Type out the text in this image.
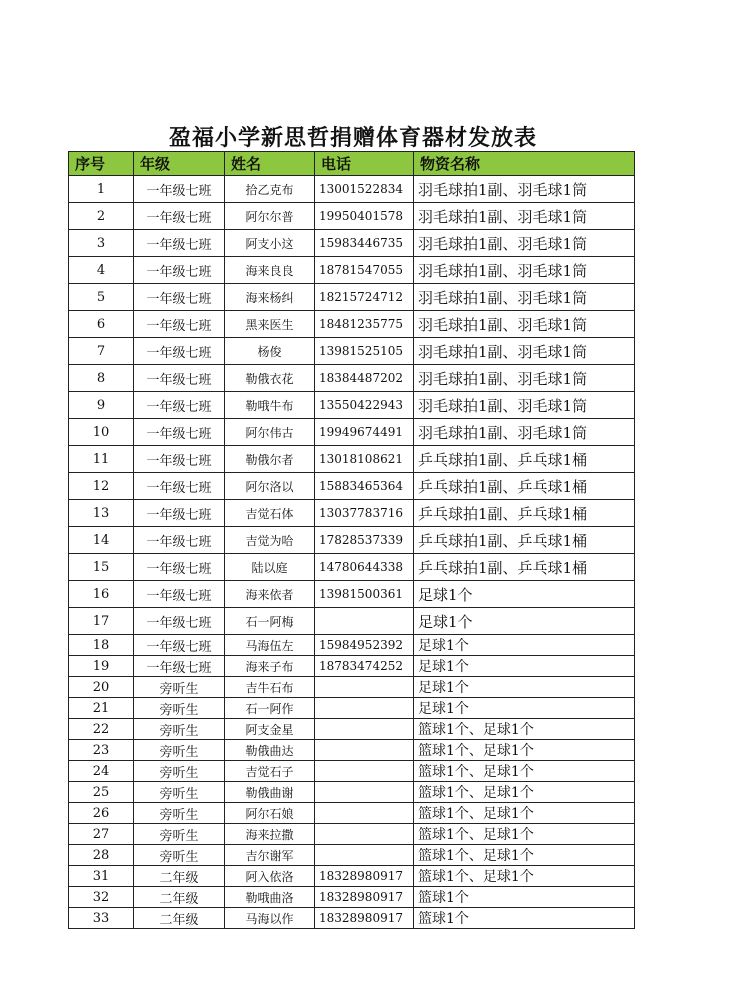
盈福小学新思哲捐赠体育器材发放表
序号	年级	姓名	电话	物资名称
1	一年级七班	拾乙克布	13001522834	羽毛球拍1副、羽毛球1筒
2	一年级七班	阿尔尔普	19950401578	羽毛球拍1副、羽毛球1筒
3	一年级七班	阿支小这	15983446735	羽毛球拍1副、羽毛球1筒
4	一年级七班	海来良良	18781547055	羽毛球拍1副、羽毛球1筒
5	一年级七班	海来杨纠	18215724712	羽毛球拍1副、羽毛球1筒
6	一年级七班	黑来医生	18481235775	羽毛球拍1副、羽毛球1筒
7	一年级七班	杨俊	13981525105	羽毛球拍1副、羽毛球1筒
8	一年级七班	勒俄衣花	18384487202	羽毛球拍1副、羽毛球1筒
9	一年级七班	勒哦牛布	13550422943	羽毛球拍1副、羽毛球1筒
10	一年级七班	阿尔伟古	19949674491	羽毛球拍1副、羽毛球1筒
11	一年级七班	勒俄尔者	13018108621	乒乓球拍1副、乒乓球1桶
12	一年级七班	阿尔洛以	15883465364	乒乓球拍1副、乒乓球1桶
13	一年级七班	吉觉石体	13037783716	乒乓球拍1副、乒乓球1桶
14	一年级七班	吉觉为哈	17828537339	乒乓球拍1副、乒乓球1桶
15	一年级七班	陆以庭	14780644338	乒乓球拍1副、乒乓球1桶
16	一年级七班	海来依者	13981500361	足球1个
17	一年级七班	石一阿梅		足球1个
18	一年级七班	马海伍左	15984952392	足球1个
19	一年级七班	海来子布	18783474252	足球1个
20	旁听生	吉牛石布		足球1个
21	旁听生	石一阿作		足球1个
22	旁听生	阿支金星		篮球1个、足球1个
23	旁听生	勒俄曲达		篮球1个、足球1个
24	旁听生	吉觉石子		篮球1个、足球1个
25	旁听生	勒俄曲谢		篮球1个、足球1个
26	旁听生	阿尔石娘		篮球1个、足球1个
27	旁听生	海来拉撒		篮球1个、足球1个
28	旁听生	吉尔谢军		篮球1个、足球1个
31	二年级	阿入依洛	18328980917	篮球1个、足球1个
32	二年级	勒哦曲洛	18328980917	篮球1个
33	二年级	马海以作	18328980917	篮球1个
